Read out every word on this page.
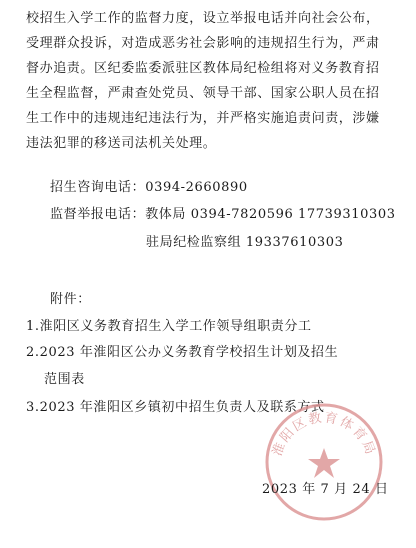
校招生入学工作的监督力度，设立举报电话并向社会公布，
受理群众投诉，对造成恶劣社会影响的违规招生行为，严肃
督办追责。区纪委监委派驻区教体局纪检组将对义务教育招
生全程监督，严肃查处党员、领导干部、国家公职人员在招
生工作中的违规违纪违法行为，并严格实施追责问责，涉嫌
违法犯罪的移送司法机关处理。
招生咨询电话：0394-2660890
监督举报电话：教体局 0394-7820596 17739310303
驻局纪检监察组 19337610303
附件：
1.淮阳区义务教育招生入学工作领导组职责分工
2.2023 年淮阳区公办义务教育学校招生计划及招生
范围表
3.2023 年淮阳区乡镇初中招生负责人及联系方式
淮阳区教育体育局
2023 年 7 月 24 日
